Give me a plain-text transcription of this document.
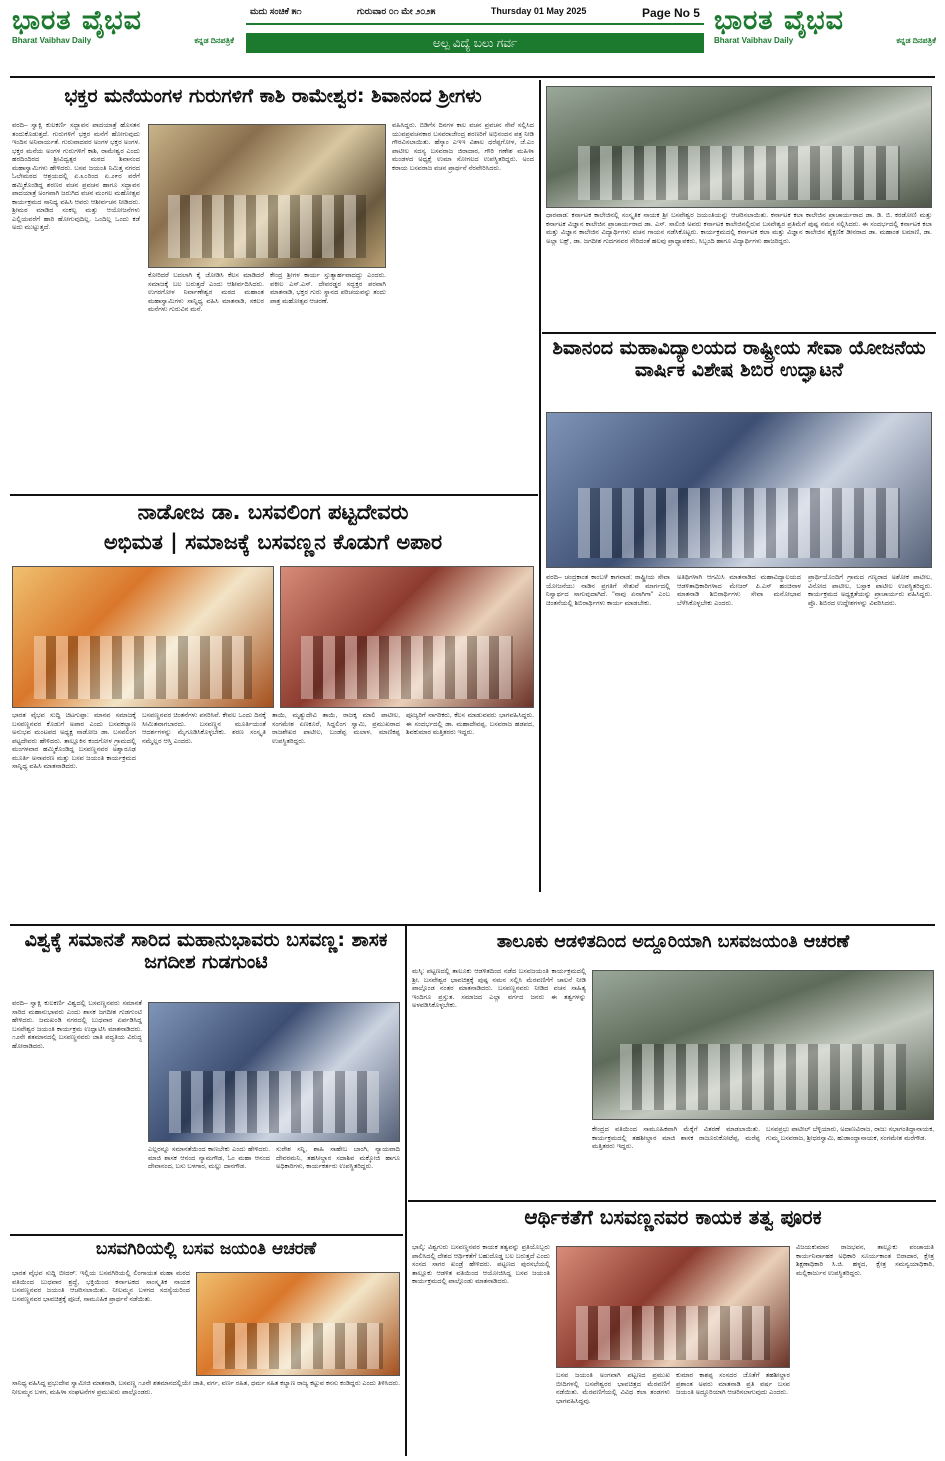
ಭಾರತ ವೈಭವ
Bharat Vaibhav Daily	ಕನ್ನಡ ದಿನಪತ್ರಿಕೆ
ಮದು ಸಂಚಿಕೆ ೫೧	ಗುರುವಾರ ೦೧ ಮೇ ೨೦೨೫	Thursday 01 May 2025	Page No 5
ಅಲ್ಪ ವಿದ್ಯೆ ಬಲು ಗರ್ವ
ಭಾರತ ವೈಭವ
Bharat Vaibhav Daily	ಕನ್ನಡ ದಿನಪತ್ರಿಕೆ
ಭಕ್ತರ ಮನೆಯಂಗಳ ಗುರುಗಳಿಗೆ ಕಾಶಿ ರಾಮೇಶ್ವರ: ಶಿವಾನಂದ ಶ್ರೀಗಳು
ವರದಿ– ಸ್ವಾಕ್ಷಿ ಕುಲಕರ್ಣಿ ಸದ್ಭಾವನ ಪಾದಯಾತ್ರೆ ಹೊಸತನ ತಂದುಕೊಡುತ್ತದೆ. ಗುರುಗಳಿಗೆ ಭಕ್ತರ ಮನೆಗೆ ಹೋಗುವುದು ಇಂದಿನ ಅನಿವಾರ್ಯತೆ. ಗುರುವಾದವರ ಅಂಗಳ ಭಕ್ತರ ಅಂಗಳ. ಭಕ್ತರ ಮನೆಯ ಅಂಗಳ ಗುರುಗಳಿಗೆ ಕಾಶಿ, ರಾಮೇಶ್ವರ ಎಂದು ಹರದಿಂದಿರದ ಶ್ರೀವಿದ್ವತ್ಪರ ಮಠದ ಶಿವಾನಂದ ಮಹಾಸ್ವಾಮಿಗಳು ಹೇಳಿದರು. ಬಸವ ಜಯಂತಿ ನಿಮಿತ್ತ ನಗರದ ಓಲೇಮಠದ ಆಶ್ರಯದಲ್ಲಿ ಏ.೩೦ರಿಂದ ಏ.೨೯ರ ವರೆಗೆ ಹಮ್ಮಿಕೊಂಡಿದ್ದ ಶರಣರ ವಚನ ಪ್ರವಚನ ಹಾಗೂ ಸದ್ಭಾವನ ಪಾದಯಾತ್ರೆ ಅಂಗವಾಗಿ ಜರುಗಿದ ವಚನ ಮಂಗಲ ಮಹೋತ್ಸವ ಕಾರ್ಯಕ್ರಮದ ಸಾನಿಧ್ಯ ವಹಿಸಿ ಆವರು ಆಶೀರ್ವಚನ ನೀಡಿದರು. ಶ್ರೀಮಠ ಮಾಡಿದ ಸಂಕಲ್ಪ ಮತ್ತು ಆಯೋಜನೆಗಳು ಎಲ್ಲಿಯವರೆಗೆ ಹಾರಿ ಹೋಗುವುದಿಲ್ಲ. ಒಂದಿಲ್ಲ ಒಂದು ಕಡೆ ಅದು ಮುಟ್ಟುತ್ತದೆ.
ಕೋರಿದರೆ ಬದಲಾಗಿ ಕೈ ಜೋಡಿಸಿ ಕೆಲಸ ಮಾಡಿದರೆ ಸಮಾಜಕ್ಕೆ ಬಲ ಬರುತ್ತದೆ ಎಂದು ಆಶೀರ್ವದಿಸಿದರು. ಉಗರಗೋಳ ನಿರ್ವಾಣೇಶ್ವರ ಮಠದ ಮಹಾಂತ ಮಹಾಸ್ವಾಮಿಗಳು ಸಾನ್ನಿಧ್ಯ ವಹಿಸಿ ಮಾತನಾಡಿ, ಸಕಲರ ಮನೆಗಳು ಗುರುವಿನ ಮನೆ.
ಕೇಂದ್ರ ಶ್ರೀಗಳ ಕಾರ್ಯ ಸ್ತುತ್ಯಾರ್ಹವಾದದ್ದು ಎಂದರು. ವಕೀಲ ಎಸ್.ಎಸ್. ದೇವರಡ್ಡರ ಸದ್ಭಕ್ತರ ಪರವಾಗಿ ಮಾತನಾಡಿ, ಭಕ್ತರ ಗುರು ಸ್ಥಾನದ ಪರಿಚಯವನ್ನು ತಂದು ಪಾತ್ರ ಮಹೋತ್ಸವ ಆಚರಣೆ.
ವಹಿಸಿದ್ದರು. ಬಿಡಿಗೆಸ ದಿನಗಳ ಕಾಲ ವಚನ ಪ್ರವಚನ ಸೇವೆ ಸಲ್ಲಿಸಿದ ಯುವಪ್ರವಚನಕಾರ ಬಸವರಾಜೇಂದ್ರ ಶರಣರಿಗೆ ಅಭಿನಂದನ ಪತ್ರ ನೀಡಿ ಗೌರವಿಸಲಾಯಿತು. ಹೆಸ್ಕಾಂ ಎಇಇ ವಿಶಾಲ ಧರೆಪ್ಪಗೋಳ, ಜೆ.ಎಂ ಪಾಟೀಲ ಸದಸ್ಯ ಬಸವರಾಜ ಜಿರಾದಾರ, ಗೌರಿ ಗಣೇಶ ಮಹಿಳಾ ಮಂಡಳದ ಅಧ್ಯಕ್ಷೆ ಉಮಾ ಸೋಗಲದ ಉಪಸ್ಥಿತರಿದ್ದರು. ಅಂದ ಕರಾಯ ಬಸವರಾಜ ವಚನ ಪ್ರಾರ್ಥನೆ ನೆರವೇರಿಸಿದರು.
ಧಾರವಾಡ: ಕರ್ನಾಟಕ ಕಾಲೇಜಿನಲ್ಲಿ ಸಂಸ್ಕೃತಿಕ ನಾಯಕ ಶ್ರೀ ಬಸವೇಶ್ವರ ಜಯಂತಿಯನ್ನು ಆಚರಿಸಲಾಯಿತು. ಕರ್ನಾಟಕ ಕಲಾ ಕಾಲೇಜಿನ ಪ್ರಾಚಾರ್ಯರಾದ ಡಾ. ಡಿ. ಬಿ. ಕರಡೋಣಿ ಮತ್ತು ಕರ್ನಾಟಕ ವಿಜ್ಞಾನ ಕಾಲೇಜಿನ ಪ್ರಾಚಾರ್ಯರಾದ ಡಾ. ಎಸ್. ಸಾಲಿಂಕಿ ಅವರು ಕರ್ನಾಟಕ ಕಾಲೇಜಿನಲ್ಲಿರುವ ಬಸವೇಶ್ವರ ಪ್ರತಿಮೆಗೆ ಪುಷ್ಪ ನಮನ ಸಲ್ಲಿಸಿದರು. ಈ ಸಂದರ್ಭದಲ್ಲಿ ಕರ್ನಾಟಕ ಕಲಾ ಮತ್ತು ವಿಜ್ಞಾನ ಕಾಲೇಜಿನ ವಿದ್ಯಾರ್ಥಿಗಳು ವಚನ ಗಾಯನ ನಡೆಸಿಕೊಟ್ಟರು. ಕಾರ್ಯಕ್ರಮದಲ್ಲಿ ಕರ್ನಾಟಕ ಕಲಾ ಮತ್ತು ವಿಜ್ಞಾನ ಕಾಲೇಜಿನ ಶೈಕ್ಷಣಿಕ ಡೀನರಾದ ಡಾ. ಮಹಾಂತ ಲಮಾಣಿ, ಡಾ. ಅಲ್ಲಾ ಬಕ್ಷ್, ಡಾ. ಜಗದೀಶ ಗುದಗನವರ ಸೇರಿದಂತೆ ಹಲವು ಪ್ರಾಧ್ಯಾಪಕರು, ಸಿಬ್ಬಂದಿ ಹಾಗೂ ವಿದ್ಯಾರ್ಥಿಗಳು ಹಾಜರಿದ್ದರು.
ಶಿವಾನಂದ ಮಹಾವಿದ್ಯಾಲಯದ ರಾಷ್ಟ್ರೀಯ ಸೇವಾ ಯೋಜನೆಯ ವಾರ್ಷಿಕ ವಿಶೇಷ ಶಿಬಿರ ಉದ್ಘಾಟನೆ
ವರದಿ– ಚಂದ್ರಕಾಂತ ಕಾಂಬಳೆ ಕಾಗವಾಡ: ರಾಷ್ಟ್ರೀಯ ಸೇವಾ ಯೋಜನೆಯು ನಾಡಿನ ಪ್ರಗತಿಗೆ ಸೇತುವೆ ಮಾರ್ಗದಲ್ಲಿ ನಿಸ್ವಾರ್ಥದ ಸಾಗುವುದಾಗಿದೆ. "ನಾವು ಏನಾಗಿಗಾ" ಎಂಬ ಚಿಂತನೆಯಲ್ಲಿ ಶಿಬಿರಾರ್ಥಿಗಳು ಕಾರ್ಯ ಮಾಡಬೇಕು.
ಅತಿಥಿಗಳಾಗಿ ಆಗಮಿಸಿ ಮಾತನಾಡಿದ ಮಹಾವಿದ್ಯಾಲಯದ ಆಡಳಿತಾಧಿಕಾರಿಗಳಾದ ಮೇಜರ್ ಪಿ.ಎಸ್ ಹಂಚಿನಾಳ ಮಾತನಾಡಿ ಶಿಬಿರಾರ್ಥಿಗಳು ಸೇವಾ ಮನೋಭಾವ ಬೆಳೆಸಿಕೊಳ್ಳಬೇಕು ಎಂದರು.
ಪ್ರಾರ್ಥಿಯೊಂದಿಗೆ ಗ್ರಾಮದ ಗಣ್ಯರಾದ ಅಶೋಕ ಪಾಟೀಲ, ವಿನೋದ ಪಾಟೀಲ, ಬಸ್ಪಾಕ ಪಾಟೀಲ ಉಪಸ್ಥಿತರಿದ್ದರು. ಕಾರ್ಯಕ್ರಮದ ಅಧ್ಯಕ್ಷತೆಯನ್ನು ಪ್ರಾಚಾರ್ಯರು ವಹಿಸಿದ್ದರು. ಪ್ರೊ. ಶಿಬಿರದ ಉದ್ದೇಶಗಳನ್ನು ವಿವರಿಸಿದರು.
ನಾಡೋಜ ಡಾ. ಬಸವಲಿಂಗ ಪಟ್ಟದೇವರು
ಅಭಿಮತ | ಸಮಾಜಕ್ಕೆ ಬಸವಣ್ಣನ ಕೊಡುಗೆ ಅಪಾರ
ಭಾರತ ವೈಭವ ಸುದ್ದಿ ಚಿಟಗುಪ್ಪಾ: ಮಾನವ ಸಮಾಜಕ್ಕೆ ಬಸವಣ್ಣನವರ ಕೊಡುಗೆ ಅಪಾರ ಎಂದು ಬಸವಕಲ್ಯಾಣ ಅನುಭವ ಮಂಟಪದ ಅಧ್ಯಕ್ಷ ನಾಡೋಜ ಡಾ. ಬಸವಲಿಂಗ ಪಟ್ಟದೇವರು ಹೇಳಿದರು. ತಾಲ್ಲೂಕಿನ ಕಂದಗೋಳ ಗ್ರಾಮದಲ್ಲಿ ಮಂಗಳವಾರ ಹಮ್ಮಿಕೊಂಡಿದ್ದ ಬಸವಣ್ಣನವರ ಅಶ್ವಾರೂಢ ಮೂರ್ತಿ ಅನಾವರಣ ಮತ್ತು ಬಸವ ಜಯಂತಿ ಕಾರ್ಯಕ್ರಮದ ಸಾನ್ನಿಧ್ಯ ವಹಿಸಿ ಮಾತನಾಡಿದರು.
ಬಸವಣ್ಣನವರ ಚಿಂತನೆಗಳು ಪಸರಿಸಿವೆ. ಕೇವಲ ಒಂದು ದಿನಕ್ಕೆ ಸೀಮಿತವಾಗಬಾರದು. ಬಸವಣ್ಣನ ಮೂರ್ತಿಯಂತೆ ಆದರ್ಶಗಳನ್ನು ಮೈಗೂಡಿಸಿಕೊಳ್ಳಬೇಕು. ಶರಣ ಸಂಸ್ಕೃತಿ ನಮ್ಮೆಲ್ಲರ ಆಸ್ತಿ ಎಂದರು.
ತಾಯಿ, ಮೃತ್ಯುದೇವಿ ತಾಯಿ, ರಾಜಕ್ಕ ಮಾಲಿ ಪಾಟೀಲ, ಸಂಗಮೇಶ ಏಣಕೂರೆ, ಸಿದ್ದಲಿಂಗ ಸ್ವಾಮಿ, ಪ್ರಮುಖರಾದ ರಾಜಶೇಖರ ಪಾಟೀಲ, ಬಂಡೆಪ್ಪ ಮಲಾಳ, ಮಾಣಿಕಪ್ಪ ಉಪಸ್ಥಿತರಿದ್ದರು.
ಪೂಜ್ಯರಿಗೆ ನಾಗರಿಕರು, ಕೆಲಸ ಮಾಡುವವರು ಭಾಗವಹಿಸಿದ್ದರು. ಈ ಸಂದರ್ಭದಲ್ಲಿ ಡಾ. ಮಹಾದೇವಪ್ಪ, ಬಸವರಾಜ ಹಡಪದ, ಶಿವಕುಮಾರ ಮತ್ತಿತರರು ಇದ್ದರು.
ವಿಶ್ವಕ್ಕೆ ಸಮಾನತೆ ಸಾರಿದ ಮಹಾನುಭಾವರು ಬಸವಣ್ಣ: ಶಾಸಕ ಜಗದೀಶ ಗುಡಗುಂಟಿ
ವರದಿ– ಸ್ವಾಕ್ಷಿ ಕುಲಕರ್ಣಿ ವಿಶ್ವದಲ್ಲಿ ಬಸವಣ್ಣನವರು ಸಮಾನತೆ ಸಾರಿದ ಮಹಾನುಭಾವರು ಎಂದು ಶಾಸಕ ಜಗದೀಶ ಗುಡಗುಂಟಿ ಹೇಳಿದರು. ಜಮಖಂಡಿ ನಗರದಲ್ಲಿ ಬುಧವಾರ ಏರ್ಪಡಿಸಿದ್ದ ಬಸವೇಶ್ವರ ಜಯಂತಿ ಕಾರ್ಯಕ್ರಮ ಉದ್ಘಾಟಿಸಿ ಮಾತನಾಡಿದರು. ೧೨ನೇ ಶತಮಾನದಲ್ಲಿ ಬಸವಣ್ಣನವರು ಜಾತಿ ಪದ್ಧತಿಯ ವಿರುದ್ಧ ಹೋರಾಡಿದರು.
ಎಲ್ಲರನ್ನೂ ಸಮಾನತೆಯಿಂದ ಕಾಣಬೇಕು ಎಂದು ಹೇಳಿದರು. ಮಾಜಿ ಶಾಸಕ ಆನಂದ ನ್ಯಾಮಗೌಡ, ಓಂ ಮಹಾ ಆನಂದ ದೇವಾನಂದ, ಬಸು ಬಳಗಾರ, ಮಲ್ಲು ದಾನಗೌಡ.
ಸುರೇಶ ಸನ್ನಿ, ಶಾಹಿ ಸಾಹೇಬ ಬಾಂಗಿ, ನ್ಯಾಯವಾದಿ ದೇವರಮನಿ, ತಹಸೀಲ್ದಾರ ಸದಾಶಿವ ಮಕ್ಕೋಜಿ ಹಾಗೂ ಅಧಿಕಾರಿಗಳು, ಕಾರ್ಯಕರ್ತರು ಉಪಸ್ಥಿತರಿದ್ದರು.
ತಾಲೂಕು ಆಡಳಿತದಿಂದ ಅದ್ದೂರಿಯಾಗಿ ಬಸವಜಯಂತಿ ಆಚರಣೆ
ಮಸ್ಕಿ: ಪಟ್ಟಣದಲ್ಲಿ ತಾಲೂಕು ಆಡಳಿತದಿಂದ ನಡೆದ ಬಸವಜಯಂತಿ ಕಾರ್ಯಕ್ರಮದಲ್ಲಿ ಶ್ರೀ. ಬಸವೇಶ್ವರ ಭಾವಚಿತ್ರಕ್ಕೆ ಪುಷ್ಪ ನಮನ ಸಲ್ಲಿಸಿ ಮೆರವಣಿಗೆಗೆ ಚಾಲನೆ ನೀಡಿ ಪಾಲ್ಗೊಂಡ ನಂತರ ಮಾತನಾಡಿದರು. ಬಸವಣ್ಣನವರು ನೀಡಿದ ವಚನ ಸಾಹಿತ್ಯ ಇಂದಿಗೂ ಪ್ರಸ್ತುತ. ಸಮಾಜದ ಎಲ್ಲಾ ವರ್ಗದ ಜನರು ಈ ತತ್ವಗಳನ್ನು ಅಳವಡಿಸಿಕೊಳ್ಳಬೇಕು.
ಕೇಂದ್ರದ ವತಿಯಿಂದ ಸಾಮೂಹಿಕವಾಗಿ ಮೆಕ್ಕೆಗೆ ವಿತರಣೆ ಮಾಡಲಾಯಿತು. ಕಾರ್ಯಕ್ರಮದಲ್ಲಿ ತಹಶೀಲ್ದಾರ ಮಾಜಿ ಶಾಸಕ ರಾಜೂರುಕೋಟೆಪ್ಪ, ಮರೆಪ್ಪ ಮತ್ತಿತರರು ಇದ್ದರು.
ಬಸವಪ್ರಭು ಪಾಟೀಲ್ ಬೆಳ್ಳಿಯಾರು, ಅದಾಣವಿರಾಜ, ರಾಜು ಸಭಾಗಂತಿದ್ದಾನಾಯಕ, ಗುಮ್ಮ ಬಸವರಾಜ, ಶ್ರೀಧರಸ್ವಾಮಿ, ಹುಡಾಂದ್ದಾನಾಯಕ, ಸಂಗಮೇಶ ಮರೆಗೌಡ.
ಬಸವಗಿರಿಯಲ್ಲಿ ಬಸವ ಜಯಂತಿ ಆಚರಣೆ
ಭಾರತ ವೈಭವ ಸುದ್ದಿ ಬೀದರ್: ಇಲ್ಲಿಯ ಬಸವಗಿರಿಯಲ್ಲಿ ಲಿಂಗಾಯತ ಮಹಾ ಮಠದ ವತಿಯಿಂದ ಬುಧವಾರ ಶ್ರದ್ಧೆ, ಭಕ್ತಿಯಿಂದ ಕರ್ನಾಟಕದ ಸಾಂಸ್ಕೃತಿಕ ನಾಯಕ ಬಸವಣ್ಣನವರ ಜಯಂತಿ ಆಚರಿಸಲಾಯಿತು. ನೀಲಮ್ಮನ ಬಳಗದ ಸದಸ್ಯೆಯರಿಂದ ಬಸವಣ್ಣನವರ ಭಾವಚಿತ್ರಕ್ಕೆ ಪೂಜೆ, ಸಾಮೂಹಿಕ ಪ್ರಾರ್ಥನೆ ನಡೆಯಿತು.
ಸಾನಿಧ್ಯ ವಹಿಸಿದ್ದ ಪ್ರಭುದೇವ ಸ್ವಾಮೀಜಿ ಮಾತನಾಡಿ, ಬಸವಣ್ಣ ೧೨ನೇ ಶತಮಾನದಲ್ಲಿಯೇ ಜಾತಿ, ವರ್ಗ, ವರ್ಣ ರಹಿತ, ಧರ್ಮ ಸಹಿತ ಕಲ್ಯಾಣ ರಾಜ್ಯ ಕಟ್ಟುವ ಕನಸು ಕಂಡಿದ್ದರು ಎಂದು ತಿಳಿಸಿದರು. ನೀಲಮ್ಮನ ಬಳಗ, ಮಹಿಳಾ ಸಂಘಟನೆಗಳ ಪ್ರಮುಖರು ಪಾಲ್ಗೊಂಡರು.
ಆರ್ಥಿಕತೆಗೆ ಬಸವಣ್ಣನವರ ಕಾಯಕ ತತ್ವ ಪೂರಕ
ಭಾಲ್ಕಿ: ವಿಶ್ವಗುರು ಬಸವಣ್ಣನವರ ಕಾಯಕ ತತ್ವವನ್ನು ಪ್ರತಿಯೊಬ್ಬರು ಪಾಲಿಸಿದಲ್ಲಿ ದೇಶದ ಆರ್ಥಿಕತೆಗೆ ಬಹುದೊಡ್ಡ ಬಲ ಬರುತ್ತದೆ ಎಂದು ಸಂಸದ ಸಾಗರ ಖಂಡ್ರೆ ಹೇಳಿದರು. ಪಟ್ಟಣದ ಪುರಸಭೆಯಲ್ಲಿ ತಾಲ್ಲೂಕು ಆಡಳಿತ ವತಿಯಿಂದ ಆಯೋಜಿಸಿದ್ದ ಬಸವ ಜಯಂತಿ ಕಾರ್ಯಕ್ರಮದಲ್ಲಿ ಪಾಲ್ಗೊಂಡು ಮಾತನಾಡಿದರು.
ವಿಜಯಕುಮಾರ ರಾಜಭವನ, ತಾಲ್ಲೂಕು ಪಂಚಾಯತಿ ಕಾರ್ಯನಿರ್ವಾಹಕ ಅಧಿಕಾರಿ ಸೂರ್ಯಕಾಂತ ಬಿರಾದಾರ, ಕ್ಷೇತ್ರ ಶಿಕ್ಷಣಾಧಿಕಾರಿ ಸಿ.ಜಿ. ಹಳ್ಳದ, ಕ್ಷೇತ್ರ ಸಮನ್ವಯಾಧಿಕಾರಿ, ಮಲ್ಲಿಕಾರ್ಜುನ ಉಪಸ್ಥಿತರಿದ್ದರು.
ಬಸವ ಜಯಂತಿ ಅಂಗವಾಗಿ ಪಟ್ಟಣದ ಪ್ರಮುಖ ಬೀದಿಗಳಲ್ಲಿ ಬಸವೇಶ್ವರರ ಭಾವಚಿತ್ರದ ಮೆರವಣಿಗೆ ನಡೆಯಿತು. ಮೆರವಣಿಗೆಯಲ್ಲಿ ವಿವಿಧ ಕಲಾ ತಂಡಗಳು ಭಾಗವಹಿಸಿದ್ದವು.
ಕುಮಾರ ಕಾಶಪ್ಪ ಸಂಸದರ ಜೊತೆಗೆ ತಹಶೀಲ್ದಾರ ಪ್ರಶಾಂತ ಅವರು ಮಾತನಾಡಿ ಪ್ರತಿ ವರ್ಷ ಬಸವ ಜಯಂತಿ ಅದ್ದೂರಿಯಾಗಿ ಆಚರಿಸಲಾಗುವುದು ಎಂದರು.
